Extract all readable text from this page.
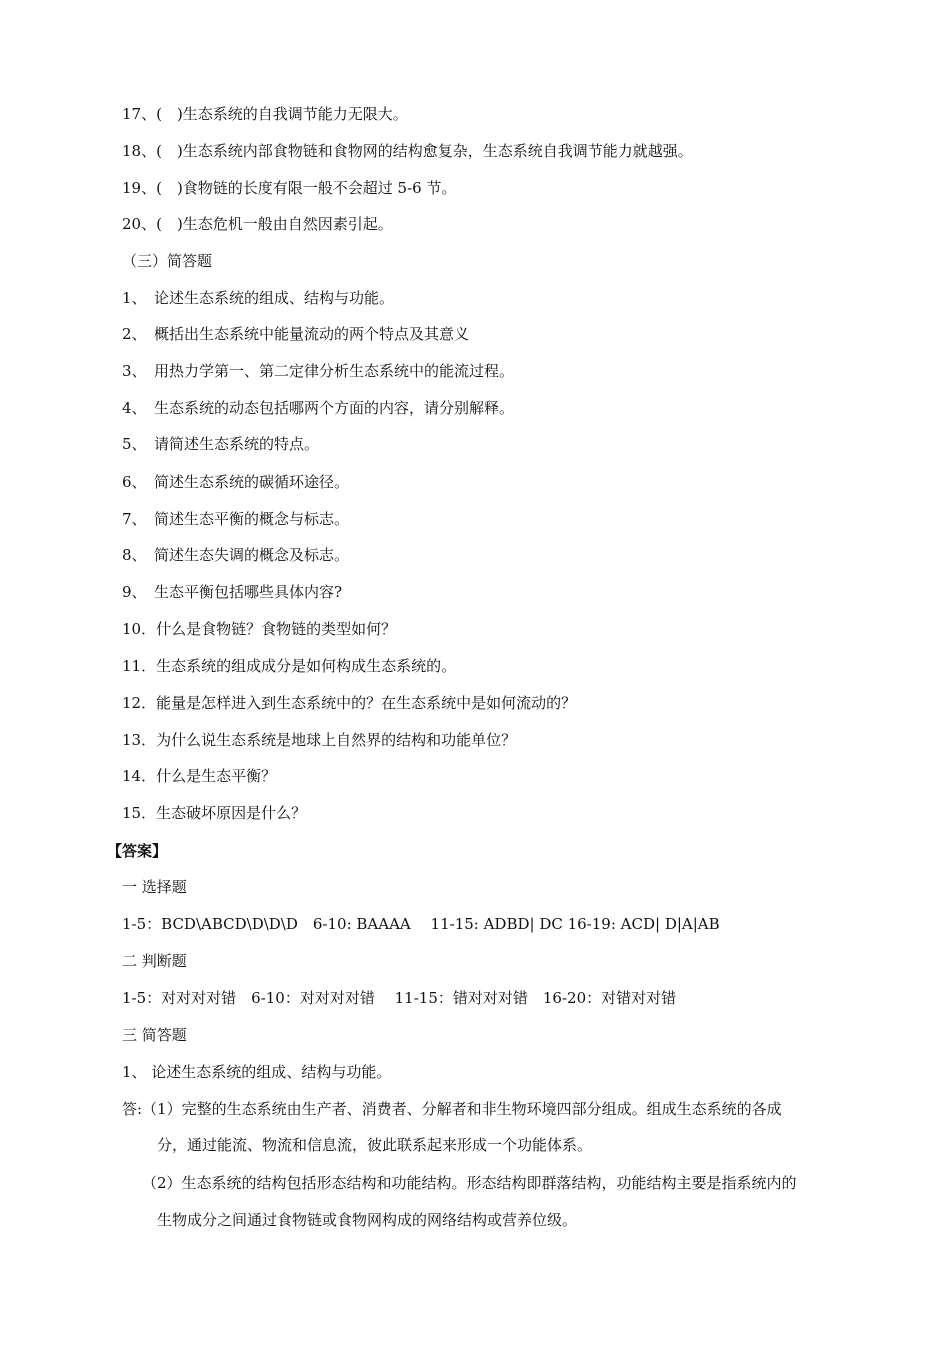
17、(　)生态系统的自我调节能力无限大。
18、(　)生态系统内部食物链和食物网的结构愈复杂，生态系统自我调节能力就越强。
19、(　)食物链的长度有限一般不会超过 5-6 节。
20、(　)生态危机一般由自然因素引起。
（三）简答题
1、　论述生态系统的组成、结构与功能。
2、　概括出生态系统中能量流动的两个特点及其意义
3、　用热力学第一、第二定律分析生态系统中的能流过程。
4、　生态系统的动态包括哪两个方面的内容，请分别解释。
5、　请简述生态系统的特点。
6、　简述生态系统的碳循环途径。
7、　简述生态平衡的概念与标志。
8、　简述生态失调的概念及标志。
9、　生态平衡包括哪些具体内容?
10．什么是食物链？食物链的类型如何？
11．生态系统的组成成分是如何构成生态系统的。
12．能量是怎样进入到生态系统中的？在生态系统中是如何流动的？
13．为什么说生态系统是地球上自然界的结构和功能单位？
14．什么是生态平衡？
15．生态破坏原因是什么？
【答案】
一 选择题
1-5：BCD\ABCD\D\D\D　6-10: BAAAA　 11-15: ADBD| DC 16-19: ACD| D|A|AB
二 判断题
1-5：对对对对错　6-10：对对对对错　 11-15：错对对对错　16-20：对错对对错
三 简答题
1、 论述生态系统的组成、结构与功能。
答:（1）完整的生态系统由生产者、消费者、分解者和非生物环境四部分组成。组成生态系统的各成
分，通过能流、物流和信息流，彼此联系起来形成一个功能体系。
（2）生态系统的结构包括形态结构和功能结构。形态结构即群落结构，功能结构主要是指系统内的
生物成分之间通过食物链或食物网构成的网络结构或营养位级。
